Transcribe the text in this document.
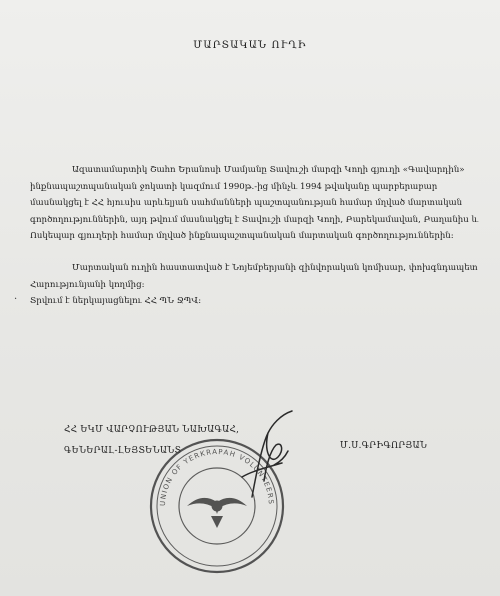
ՄԱՐՏԱԿԱՆ ՈՒՂԻ
Ազատամարտիկ Շահո Երանոսի Մամյանը Տավուշի մարզի Կողի գյուղի «Գավարդին» ինքնապաշտպանական ջոկատի կազմում 1990թ.-ից մինչև 1994 թվականը պարբերաբար մասնակցել է ՀՀ հյուսիս արևելյան սահմանների պաշտպանության համար մղված մարտական գործողություններին, այդ թվում մասնակցել է Տավուշի մարզի Կողի, Բարեկամավան, Բաղանիս և Ոսկեպար գյուղերի համար մղված ինքնապաշտպանական մարտական գործողություններին:
Մարտական ուղին հաստատված է Նոյեմբերյանի զինվորական կոմիսար, փոխգնդապետ Հարությունյանի կողմից:
· Տրվում է ներկայացնելու ՀՀ ՊՆ ՋՊՎ:
ՀՀ ԵԿՄ ՎԱՐՉՈՒԹՅԱՆ ՆԱԽԱԳԱՀ,
ԳԵՆԵՐԱԼ-ԼԵՅՏԵՆԱՆՏ	Մ.Ս.ԳՐԻԳՈՐՅԱՆ
UNION OF YERKRAPAH VOLUNTEERS
